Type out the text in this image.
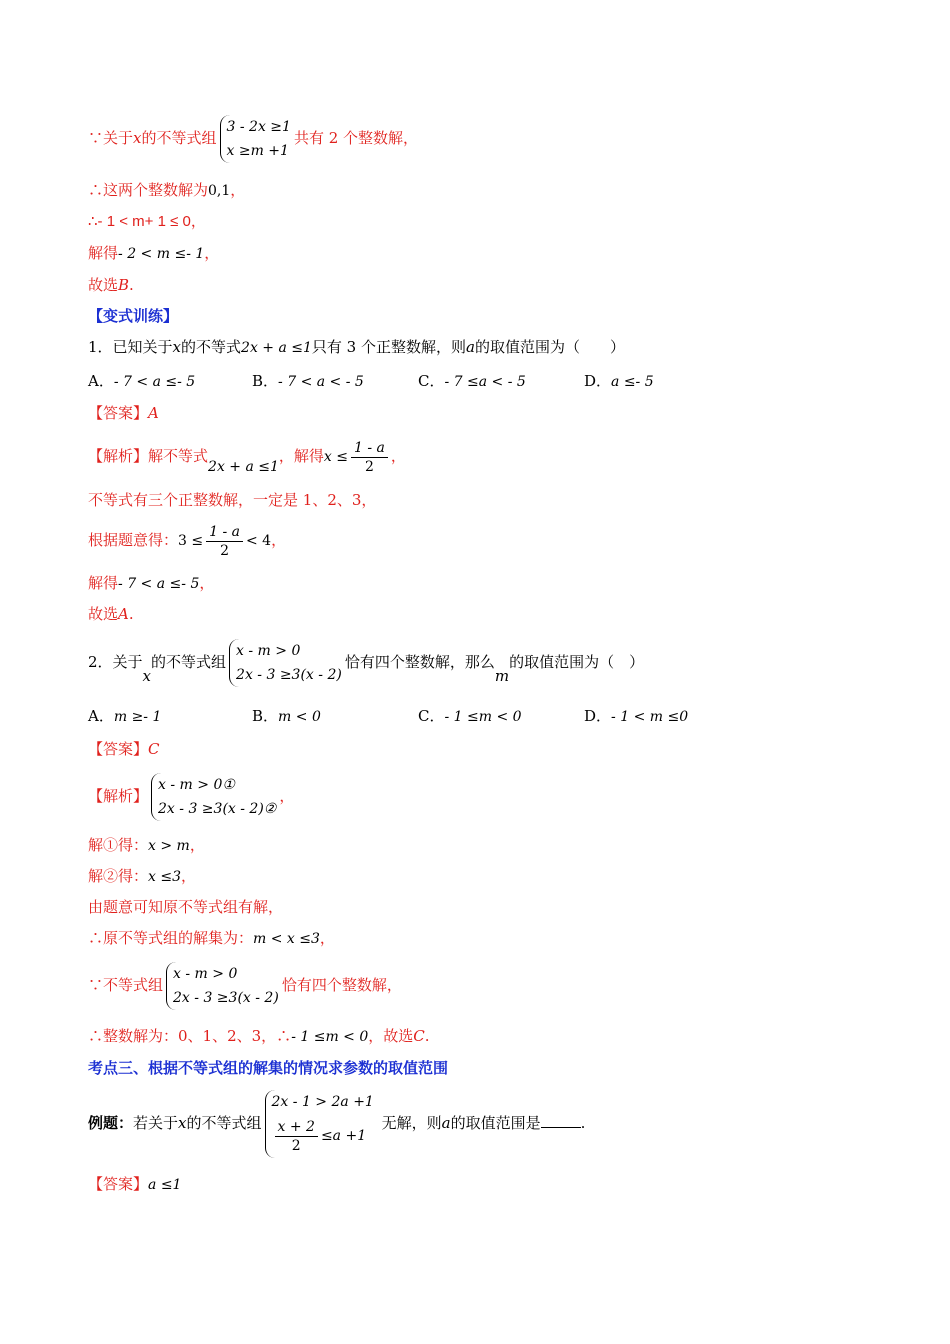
∵关于x的不等式组
3 - 2x ≥1
x ≥m +1
共有 2 个整数解，
∴这两个整数解为0,1，
∴- 1 < m+ 1 ≤ 0，
解得- 2 < m ≤- 1，
故选B.
【变式训练】
1．已知关于x的不等式2x + a ≤1只有 3 个正整数解，则a的取值范围为（　　）
A．- 7 < a ≤- 5	B．- 7 < a < - 5	C．- 7 ≤a < - 5	D．a ≤- 5
【答案】A
【解析】解不等式2x + a ≤1，解得$x \le \frac{1 - a}{2}$ ，
不等式有三个正整数解，一定是 1、2、3，
根据题意得：$3 \le \frac{1 - a}{2} < 4$，
解得- 7 < a ≤- 5，
故选A.
2．关于x的不等式组
x - m > 0
2x - 3 ≥3(x - 2)
恰有四个整数解，那么m的取值范围为（　）
A．m ≥- 1	B．m < 0	C．- 1 ≤m < 0	D．- 1 < m ≤0
【答案】C
【解析】
x - m > 0①
2x - 3 ≥3(x - 2)②
，
解①得：x > m，
解②得：x ≤3，
由题意可知原不等式组有解，
∴原不等式组的解集为：m < x ≤3，
∵不等式组
x - m > 0
2x - 3 ≥3(x - 2)
恰有四个整数解，
∴整数解为：0、1、2、3，∴- 1 ≤m < 0，故选C.
考点三、根据不等式组的解集的情况求参数的取值范围
例题：若关于x的不等式组
2x - 1 > 2a +1
$\frac{x + 2}{2} \le a +1$
无解，则a的取值范围是	.
【答案】a ≤1
